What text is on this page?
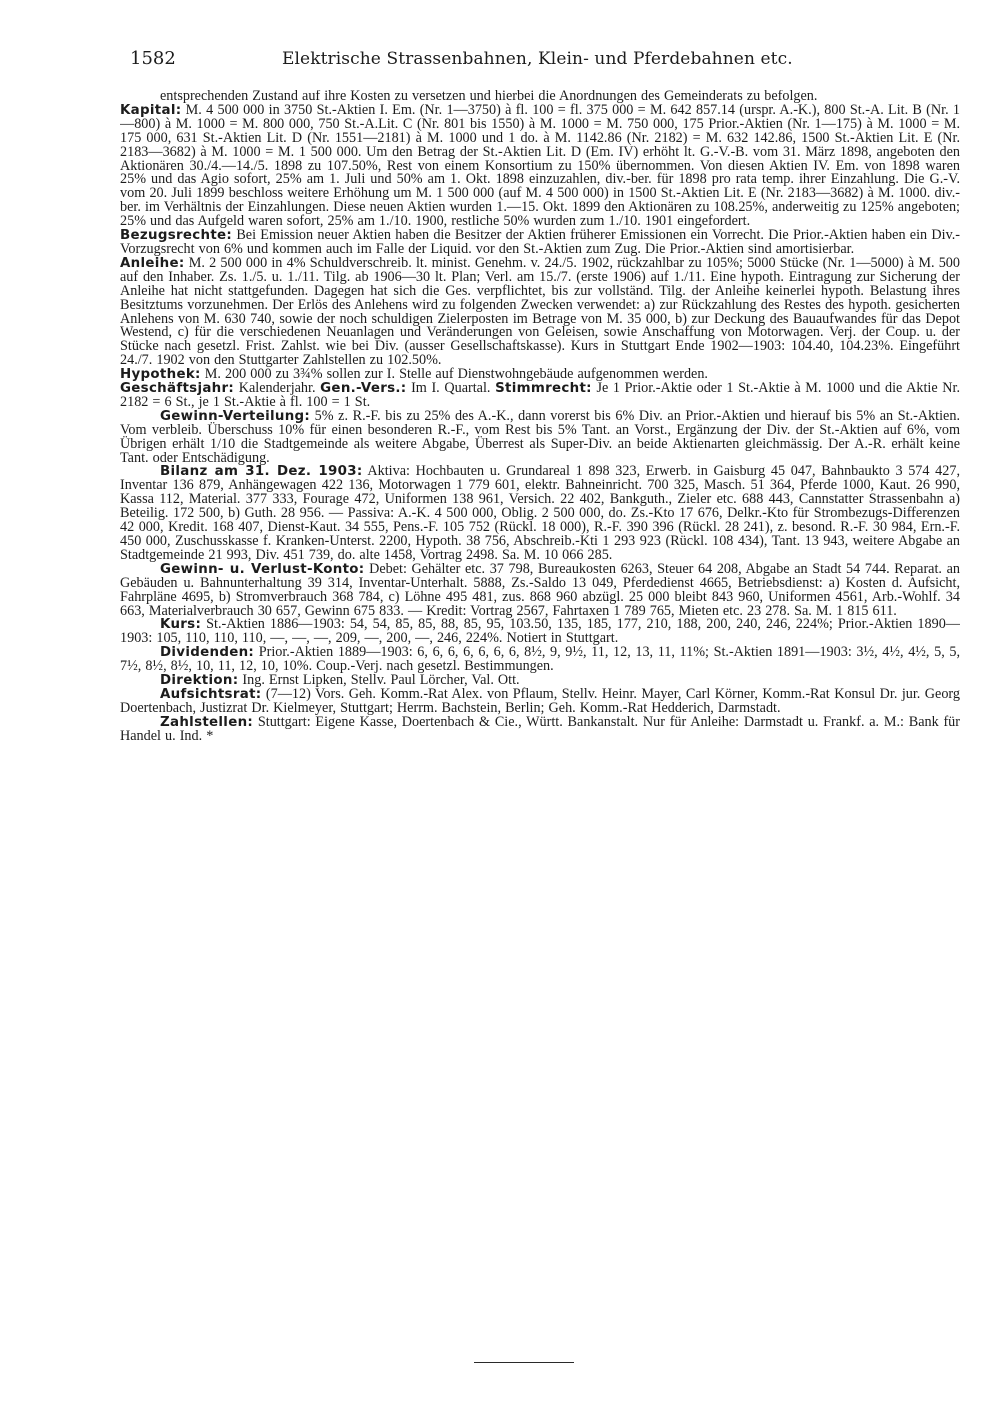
1582	Elektrische Strassenbahnen, Klein- und Pferdebahnen etc.

entsprechenden Zustand auf ihre Kosten zu versetzen und hierbei die Anordnungen des Gemeinderats zu befolgen.

Kapital: M. 4 500 000 in 3750 St.-Aktien I. Em. (Nr. 1—3750) à fl. 100 = fl. 375 000 = M. 642 857.14 (urspr. A.-K.), 800 St.-A. Lit. B (Nr. 1—800) à M. 1000 = M. 800 000, 750 St.-A.Lit. C (Nr. 801 bis 1550) à M. 1000 = M. 750 000, 175 Prior.-Aktien (Nr. 1—175) à M. 1000 = M. 175 000, 631 St.-Aktien Lit. D (Nr. 1551—2181) à M. 1000 und 1 do. à M. 1142.86 (Nr. 2182) = M. 632 142.86, 1500 St.-Aktien Lit. E (Nr. 2183—3682) à M. 1000 = M. 1 500 000. Um den Betrag der St.-Aktien Lit. D (Em. IV) erhöht lt. G.-V.-B. vom 31. März 1898, angeboten den Aktionären 30./4.—14./5. 1898 zu 107.50%, Rest von einem Konsortium zu 150% übernommen. Von diesen Aktien IV. Em. von 1898 waren 25% und das Agio sofort, 25% am 1. Juli und 50% am 1. Okt. 1898 einzuzahlen, div.-ber. für 1898 pro rata temp. ihrer Einzahlung. Die G.-V. vom 20. Juli 1899 beschloss weitere Erhöhung um M. 1 500 000 (auf M. 4 500 000) in 1500 St.-Aktien Lit. E (Nr. 2183—3682) à M. 1000. div.-ber. im Verhältnis der Einzahlungen. Diese neuen Aktien wurden 1.—15. Okt. 1899 den Aktionären zu 108.25%, anderweitig zu 125% angeboten; 25% und das Aufgeld waren sofort, 25% am 1./10. 1900, restliche 50% wurden zum 1./10. 1901 eingefordert.

Bezugsrechte: Bei Emission neuer Aktien haben die Besitzer der Aktien früherer Emissionen ein Vorrecht. Die Prior.-Aktien haben ein Div.-Vorzugsrecht von 6% und kommen auch im Falle der Liquid. vor den St.-Aktien zum Zug. Die Prior.-Aktien sind amortisierbar.

Anleihe: M. 2 500 000 in 4% Schuldverschreib. lt. minist. Genehm. v. 24./5. 1902, rückzahlbar zu 105%; 5000 Stücke (Nr. 1—5000) à M. 500 auf den Inhaber. Zs. 1./5. u. 1./11. Tilg. ab 1906—30 lt. Plan; Verl. am 15./7. (erste 1906) auf 1./11. Eine hypoth. Eintragung zur Sicherung der Anleihe hat nicht stattgefunden. Dagegen hat sich die Ges. verpflichtet, bis zur vollständ. Tilg. der Anleihe keinerlei hypoth. Belastung ihres Besitztums vorzunehmen. Der Erlös des Anlehens wird zu folgenden Zwecken verwendet: a) zur Rückzahlung des Restes des hypoth. gesicherten Anlehens von M. 630 740, sowie der noch schuldigen Zielerposten im Betrage von M. 35 000, b) zur Deckung des Bauaufwandes für das Depot Westend, c) für die verschiedenen Neuanlagen und Veränderungen von Geleisen, sowie Anschaffung von Motorwagen. Verj. der Coup. u. der Stücke nach gesetzl. Frist. Zahlst. wie bei Div. (ausser Gesellschaftskasse). Kurs in Stuttgart Ende 1902—1903: 104.40, 104.23%. Eingeführt 24./7. 1902 von den Stuttgarter Zahlstellen zu 102.50%.

Hypothek: M. 200 000 zu 3¾% sollen zur I. Stelle auf Dienstwohngebäude aufgenommen werden.

Geschäftsjahr: Kalenderjahr. Gen.-Vers.: Im I. Quartal. Stimmrecht: Je 1 Prior.-Aktie oder 1 St.-Aktie à M. 1000 und die Aktie Nr. 2182 = 6 St., je 1 St.-Aktie à fl. 100 = 1 St.

Gewinn-Verteilung: 5% z. R.-F. bis zu 25% des A.-K., dann vorerst bis 6% Div. an Prior.-Aktien und hierauf bis 5% an St.-Aktien. Vom verbleib. Überschuss 10% für einen besonderen R.-F., vom Rest bis 5% Tant. an Vorst., Ergänzung der Div. der St.-Aktien auf 6%, vom Übrigen erhält 1/10 die Stadtgemeinde als weitere Abgabe, Überrest als Super-Div. an beide Aktienarten gleichmässig. Der A.-R. erhält keine Tant. oder Entschädigung.

Bilanz am 31. Dez. 1903: Aktiva: Hochbauten u. Grundareal 1 898 323, Erwerb. in Gaisburg 45 047, Bahnbaukto 3 574 427, Inventar 136 879, Anhängewagen 422 136, Motorwagen 1 779 601, elektr. Bahneinricht. 700 325, Masch. 51 364, Pferde 1000, Kaut. 26 990, Kassa 112, Material. 377 333, Fourage 472, Uniformen 138 961, Versich. 22 402, Bankguth., Zieler etc. 688 443, Cannstatter Strassenbahn a) Beteilig. 172 500, b) Guth. 28 956. — Passiva: A.-K. 4 500 000, Oblig. 2 500 000, do. Zs.-Kto 17 676, Delkr.-Kto für Strombezugs-Differenzen 42 000, Kredit. 168 407, Dienst-Kaut. 34 555, Pens.-F. 105 752 (Rückl. 18 000), R.-F. 390 396 (Rückl. 28 241), z. besond. R.-F. 30 984, Ern.-F. 450 000, Zuschusskasse f. Kranken-Unterst. 2200, Hypoth. 38 756, Abschreib.-Kti 1 293 923 (Rückl. 108 434), Tant. 13 943, weitere Abgabe an Stadtgemeinde 21 993, Div. 451 739, do. alte 1458, Vortrag 2498. Sa. M. 10 066 285.

Gewinn- u. Verlust-Konto: Debet: Gehälter etc. 37 798, Bureaukosten 6263, Steuer 64 208, Abgabe an Stadt 54 744. Reparat. an Gebäuden u. Bahnunterhaltung 39 314, Inventar-Unterhalt. 5888, Zs.-Saldo 13 049, Pferdedienst 4665, Betriebsdienst: a) Kosten d. Aufsicht, Fahrpläne 4695, b) Stromverbrauch 368 784, c) Löhne 495 481, zus. 868 960 abzügl. 25 000 bleibt 843 960, Uniformen 4561, Arb.-Wohlf. 34 663, Materialverbrauch 30 657, Gewinn 675 833. — Kredit: Vortrag 2567, Fahrtaxen 1 789 765, Mieten etc. 23 278. Sa. M. 1 815 611.

Kurs: St.-Aktien 1886—1903: 54, 54, 85, 85, 88, 85, 95, 103.50, 135, 185, 177, 210, 188, 200, 240, 246, 224%; Prior.-Aktien 1890—1903: 105, 110, 110, 110, —, —, —, 209, —, 200, —, 246, 224%. Notiert in Stuttgart.

Dividenden: Prior.-Aktien 1889—1903: 6, 6, 6, 6, 6, 6, 6, 8½, 9, 9½, 11, 12, 13, 11, 11%; St.-Aktien 1891—1903: 3½, 4½, 4½, 5, 5, 7½, 8½, 8½, 10, 11, 12, 10, 10%. Coup.-Verj. nach gesetzl. Bestimmungen.

Direktion: Ing. Ernst Lipken, Stellv. Paul Lörcher, Val. Ott.

Aufsichtsrat: (7—12) Vors. Geh. Komm.-Rat Alex. von Pflaum, Stellv. Heinr. Mayer, Carl Körner, Komm.-Rat Konsul Dr. jur. Georg Doertenbach, Justizrat Dr. Kielmeyer, Stuttgart; Herrm. Bachstein, Berlin; Geh. Komm.-Rat Hedderich, Darmstadt.

Zahlstellen: Stuttgart: Eigene Kasse, Doertenbach & Cie., Württ. Bankanstalt. Nur für Anleihe: Darmstadt u. Frankf. a. M.: Bank für Handel u. Ind. *
